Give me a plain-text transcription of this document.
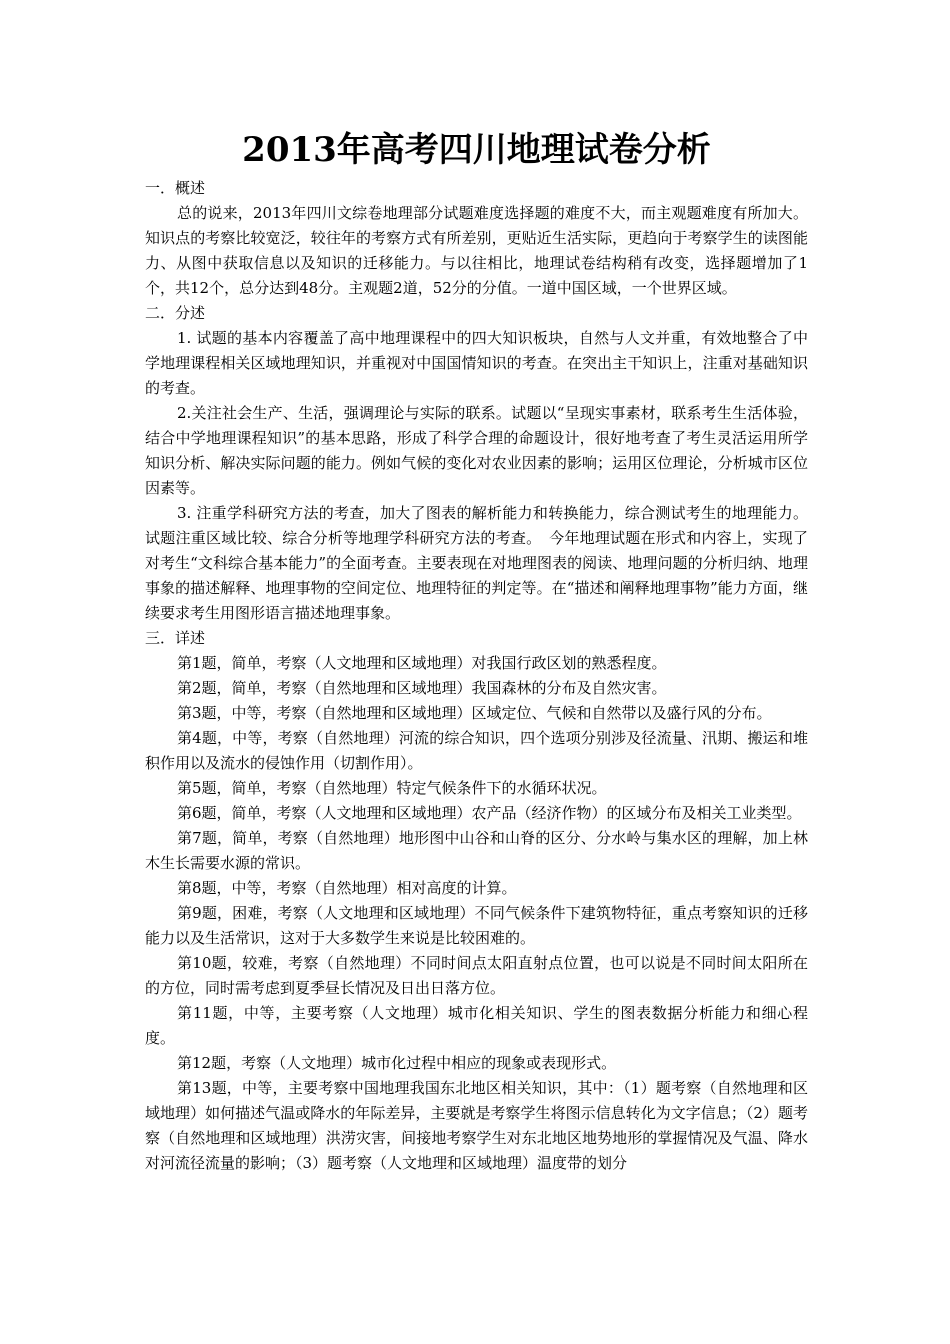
2013年高考四川地理试卷分析

一．概述

总的说来，2013年四川文综卷地理部分试题难度选择题的难度不大，而主观题难度有所加大。知识点的考察比较宽泛，较往年的考察方式有所差别，更贴近生活实际，更趋向于考察学生的读图能力、从图中获取信息以及知识的迁移能力。与以往相比，地理试卷结构稍有改变，选择题增加了1个，共12个，总分达到48分。主观题2道，52分的分值。一道中国区域，一个世界区域。

二．分述

1. 试题的基本内容覆盖了高中地理课程中的四大知识板块，自然与人文并重，有效地整合了中学地理课程相关区域地理知识，并重视对中国国情知识的考查。在突出主干知识上，注重对基础知识的考查。

2.关注社会生产、生活，强调理论与实际的联系。试题以“呈现实事素材，联系考生生活体验，结合中学地理课程知识”的基本思路，形成了科学合理的命题设计，很好地考查了考生灵活运用所学知识分析、解决实际问题的能力。例如气候的变化对农业因素的影响；运用区位理论，分析城市区位因素等。

3. 注重学科研究方法的考查，加大了图表的解析能力和转换能力，综合测试考生的地理能力。试题注重区域比较、综合分析等地理学科研究方法的考查。　今年地理试题在形式和内容上，实现了对考生“文科综合基本能力”的全面考查。主要表现在对地理图表的阅读、地理问题的分析归纳、地理事象的描述解释、地理事物的空间定位、地理特征的判定等。在“描述和阐释地理事物”能力方面，继续要求考生用图形语言描述地理事象。

三．详述

第1题，简单，考察（人文地理和区域地理）对我国行政区划的熟悉程度。

第2题，简单，考察（自然地理和区域地理）我国森林的分布及自然灾害。

第3题，中等，考察（自然地理和区域地理）区域定位、气候和自然带以及盛行风的分布。

第4题，中等，考察（自然地理）河流的综合知识，四个选项分别涉及径流量、汛期、搬运和堆积作用以及流水的侵蚀作用（切割作用）。

第5题，简单，考察（自然地理）特定气候条件下的水循环状况。

第6题，简单，考察（人文地理和区域地理）农产品（经济作物）的区域分布及相关工业类型。

第7题，简单，考察（自然地理）地形图中山谷和山脊的区分、分水岭与集水区的理解，加上林木生长需要水源的常识。

第8题，中等，考察（自然地理）相对高度的计算。

第9题，困难，考察（人文地理和区域地理）不同气候条件下建筑物特征，重点考察知识的迁移能力以及生活常识，这对于大多数学生来说是比较困难的。

第10题，较难，考察（自然地理）不同时间点太阳直射点位置，也可以说是不同时间太阳所在的方位，同时需考虑到夏季昼长情况及日出日落方位。

第11题，中等，主要考察（人文地理）城市化相关知识、学生的图表数据分析能力和细心程度。

第12题，考察（人文地理）城市化过程中相应的现象或表现形式。

第13题，中等，主要考察中国地理我国东北地区相关知识，其中：（1）题考察（自然地理和区域地理）如何描述气温或降水的年际差异，主要就是考察学生将图示信息转化为文字信息；（2）题考察（自然地理和区域地理）洪涝灾害，间接地考察学生对东北地区地势地形的掌握情况及气温、降水对河流径流量的影响；（3）题考察（人文地理和区域地理）温度带的划分
